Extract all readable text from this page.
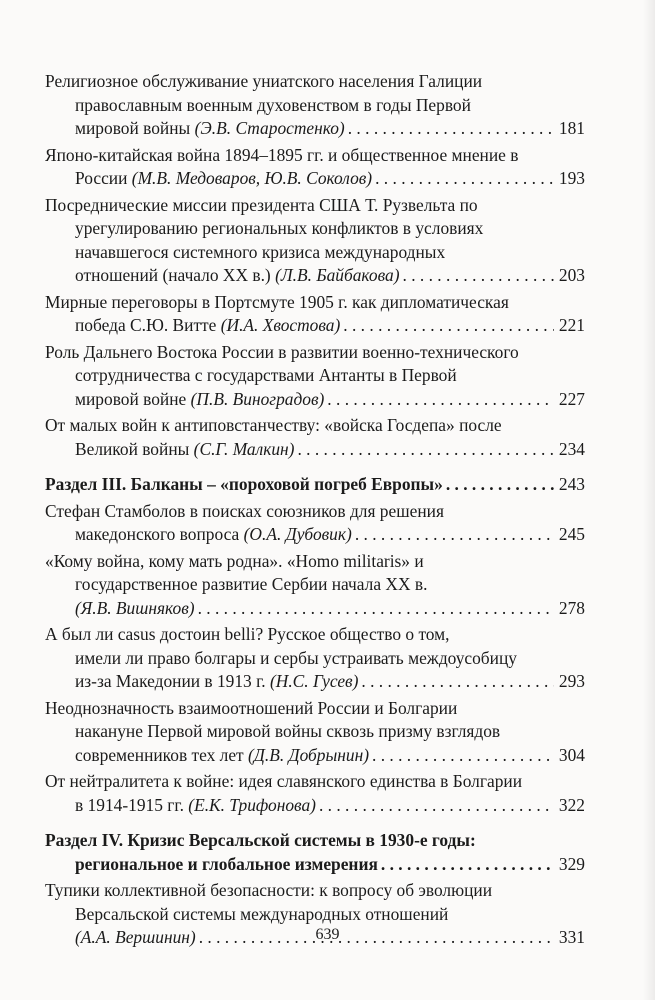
Религиозное обслуживание униатского населения Галиции
православным военным духовенством в годы Первой
мировой войны (Э.В. Старостенко) . . .	181
Японо-китайская война 1894–1895 гг. и общественное мнение в
России (М.В. Медоваров, Ю.В. Соколов) . . .	193
Посреднические миссии президента США Т. Рузвельта по
урегулированию региональных конфликтов в условиях
начавшегося системного кризиса международных
отношений (начало XX в.) (Л.В. Байбакова) . . .	203
Мирные переговоры в Портсмуте 1905 г. как дипломатическая
победа С.Ю. Витте (И.А. Хвостова) . . .	221
Роль Дальнего Востока России в развитии военно-технического
сотрудничества с государствами Антанты в Первой
мировой войне (П.В. Виноградов) . . .	227
От малых войн к антиповстанчеству: «войска Госдепа» после
Великой войны (С.Г. Малкин) . . .	234
Раздел III. Балканы – «пороховой погреб Европы» . . .	243
Стефан Стамболов в поисках союзников для решения
македонского вопроса (О.А. Дубовик) . . .	245
«Кому война, кому мать родна». «Homo militaris» и
государственное развитие Сербии начала XX в.
(Я.В. Вишняков) . . .	278
А был ли casus достоин belli? Русское общество о том,
имели ли право болгары и сербы устраивать междоусобицу
из-за Македонии в 1913 г. (Н.С. Гусев) . . .	293
Неоднозначность взаимоотношений России и Болгарии
накануне Первой мировой войны сквозь призму взглядов
современников тех лет (Д.В. Добрынин) . . .	304
От нейтралитета к войне: идея славянского единства в Болгарии
в 1914-1915 гг. (Е.К. Трифонова) . . .	322
Раздел IV. Кризис Версальской системы в 1930-е годы:
региональное и глобальное измерения . . .	329
Тупики коллективной безопасности: к вопросу об эволюции
Версальской системы международных отношений
(А.А. Вершинин) . . .	331
639
